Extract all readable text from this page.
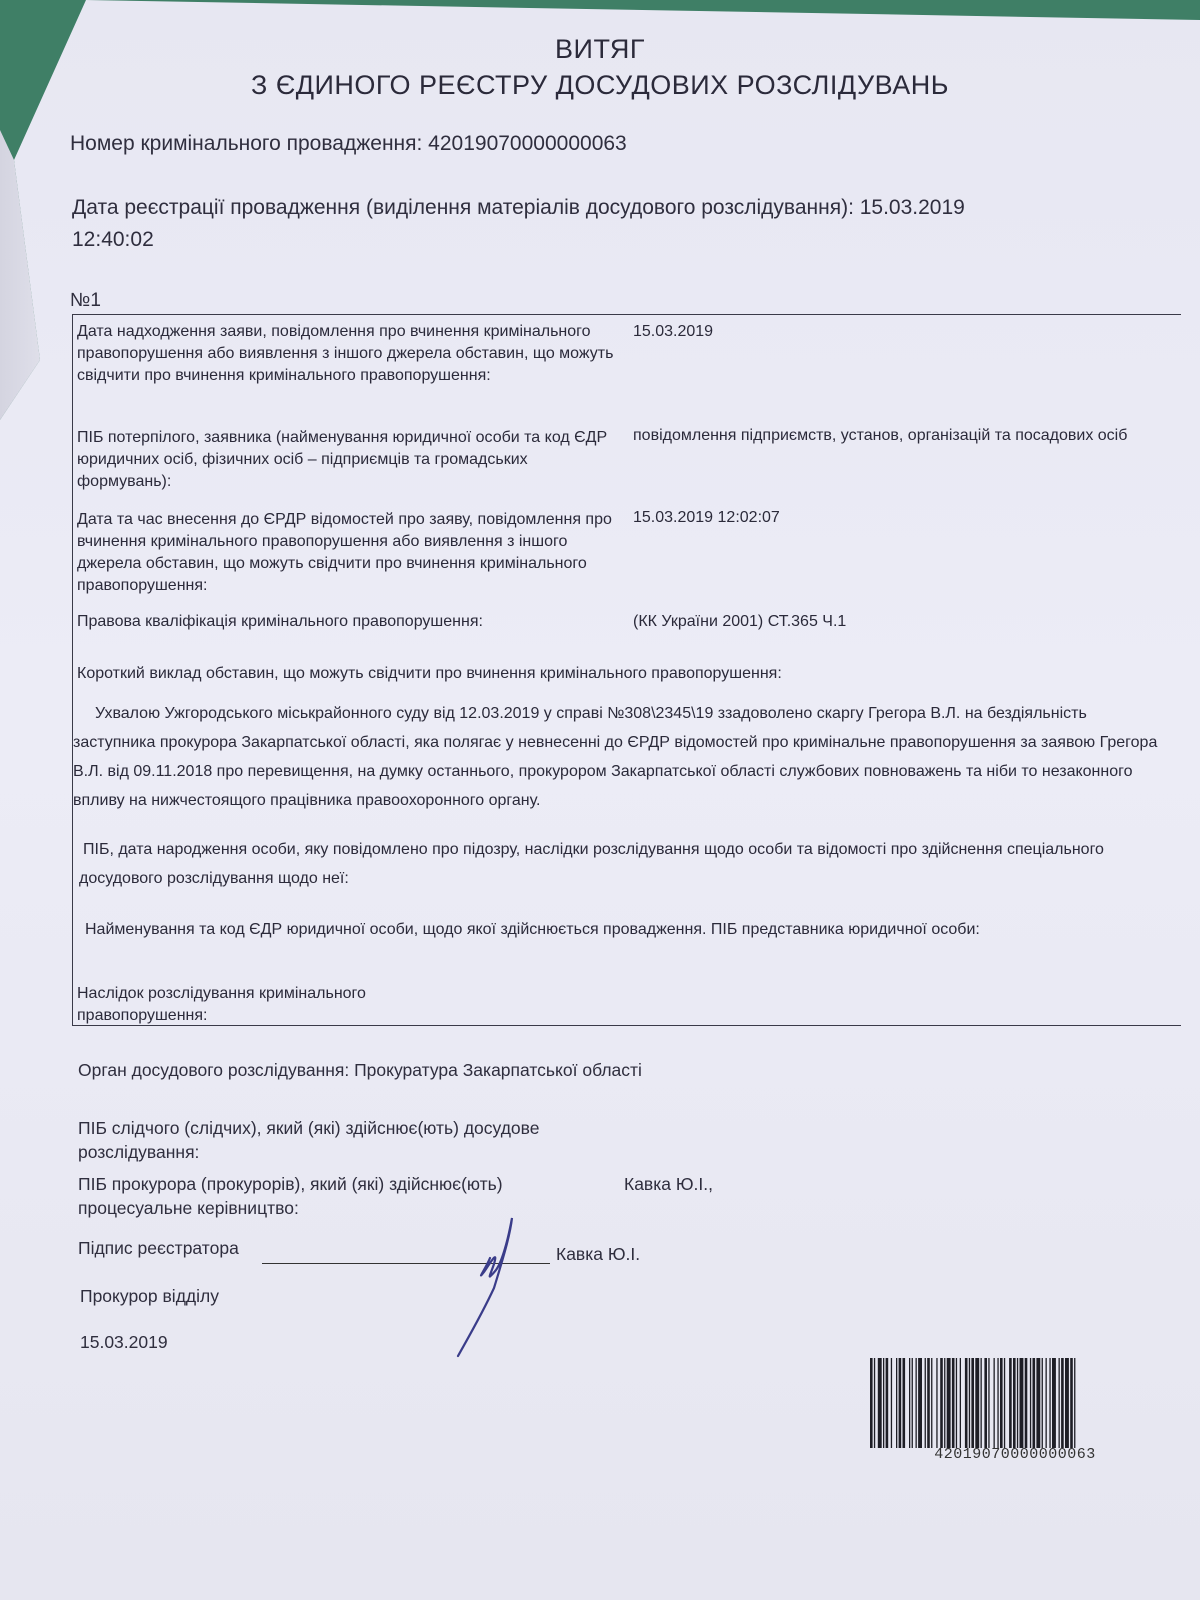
ВИТЯГ
З ЄДИНОГО РЕЄСТРУ ДОСУДОВИХ РОЗСЛІДУВАНЬ
Номер кримінального провадження: 42019070000000063
Дата реєстрації провадження (виділення матеріалів досудового розслідування): 15.03.2019
12:40:02
№1
Дата надходження заяви, повідомлення про вчинення кримінального правопорушення або виявлення з іншого джерела обставин, що можуть свідчити про вчинення кримінального правопорушення:
15.03.2019
ПІБ потерпілого, заявника (найменування юридичної особи та код ЄДР юридичних осіб, фізичних осіб – підприємців та громадських формувань):
повідомлення підприємств, установ, організацій та посадових осіб
Дата та час внесення до ЄРДР відомостей про заяву, повідомлення про вчинення кримінального правопорушення або виявлення з іншого джерела обставин, що можуть свідчити про вчинення кримінального правопорушення:
15.03.2019 12:02:07
Правова кваліфікація кримінального правопорушення:	(КК України 2001) СТ.365 Ч.1
Короткий виклад обставин, що можуть свідчити про вчинення кримінального правопорушення:
Ухвалою Ужгородського міськрайонного суду від 12.03.2019 у справі №308\2345\19 ззадоволено скаргу Грегора В.Л. на бездіяльність заступника прокурора Закарпатської області, яка полягає у невнесенні до ЄРДР відомостей про кримінальне правопорушення за заявою Грегора В.Л. від 09.11.2018 про перевищення, на думку останнього, прокурором Закарпатської області службових повноважень та ніби то незаконного впливу на нижчестоящого працівника правоохоронного органу.
ПІБ, дата народження особи, яку повідомлено про підозру, наслідки розслідування щодо особи та відомості про здійснення спеціального досудового розслідування щодо неї:
Найменування та код ЄДР юридичної особи, щодо якої здійснюється провадження. ПІБ представника юридичної особи:
Наслідок розслідування кримінального правопорушення:
Орган досудового розслідування: Прокуратура Закарпатської області
ПІБ слідчого (слідчих), який (які) здійснює(ють) досудове розслідування:
ПІБ прокурора (прокурорів), який (які) здійснює(ють) процесуальне керівництво:
Кавка Ю.І.,
Підпис реєстратора	Кавка Ю.І.
Прокурор відділу
15.03.2019
42019070000000063
